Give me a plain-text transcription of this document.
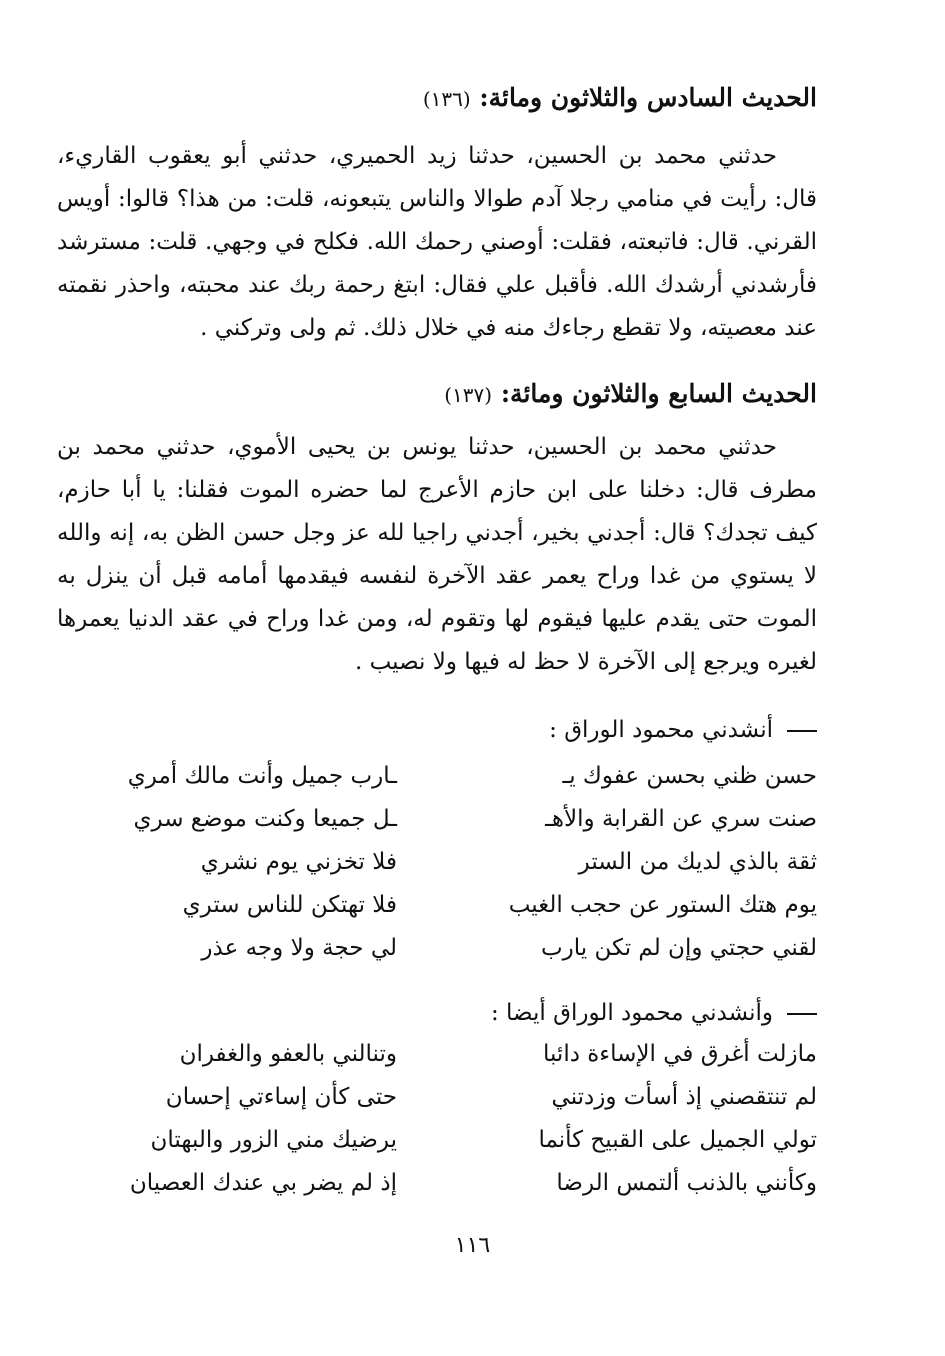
الحديث السادس والثلاثون ومائة: (١٣٦)

حدثني محمد بن الحسين، حدثنا زيد الحميري، حدثني أبو يعقوب القاريء، قال: رأيت في منامي رجلا آدم طوالا والناس يتبعونه، قلت: من هذا؟ قالوا: أويس القرني. قال: فاتبعته، فقلت: أوصني رحمك الله. فكلح في وجهي. قلت: مسترشد فأرشدني أرشدك الله. فأقبل علي فقال: ابتغ رحمة ربك عند محبته، واحذر نقمته عند معصيته، ولا تقطع رجاءك منه في خلال ذلك. ثم ولى وتركني .

الحديث السابع والثلاثون ومائة: (١٣٧)

حدثني محمد بن الحسين، حدثنا يونس بن يحيى الأموي، حدثني محمد بن مطرف قال: دخلنا على ابن حازم الأعرج لما حضره الموت فقلنا: يا أبا حازم، كيف تجدك؟ قال: أجدني بخير، أجدني راجيا لله عز وجل حسن الظن به، إنه والله لا يستوي من غدا وراح يعمر عقد الآخرة لنفسه فيقدمها أمامه قبل أن ينزل به الموت حتى يقدم عليها فيقوم لها وتقوم له، ومن غدا وراح في عقد الدنيا يعمرها لغيره ويرجع إلى الآخرة لا حظ له فيها ولا نصيب .

أنشدني محمود الوراق :
حسن ظني بحسن عفوك يـ
ـارب جميل وأنت مالك أمري
صنت سري عن القرابة والأهـ
ـل جميعا وكنت موضع سري
ثقة بالذي لديك من الستر
فلا تخزني يوم نشري
يوم هتك الستور عن حجب الغيب
فلا تهتكن للناس ستري
لقني حجتي وإن لم تكن يارب
لي حجة ولا وجه عذر
وأنشدني محمود الوراق أيضا :
مازلت أغرق في الإساءة دائبا
وتنالني بالعفو والغفران
لم تنتقصني إذ أسأت وزدتني
حتى كأن إساءتي إحسان
تولي الجميل على القبيح كأنما
يرضيك مني الزور والبهتان
وكأنني بالذنب ألتمس الرضا
إذ لم يضر بي عندك العصيان
١١٦
